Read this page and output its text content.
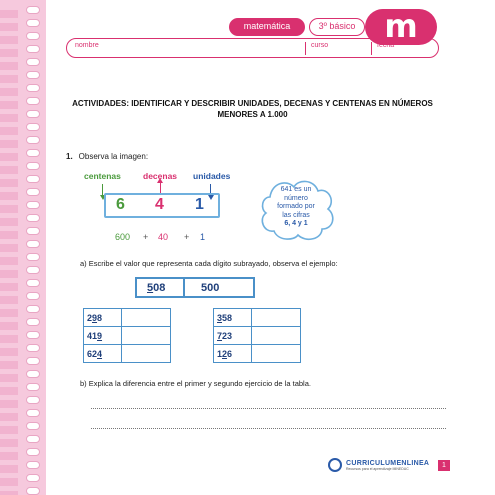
matemática	3º básico m
nombre	curso	fecha
ACTIVIDADES: IDENTIFICAR Y DESCRIBIR UNIDADES, DECENAS Y CENTENAS EN NÚMEROS MENORES A 1.000
1. Observa la imagen:
centenas	decenas unidades
6 4 1
600 + 40 + 1
641 es un
número
formado por
las cifras
6, 4 y 1
a) Escribe el valor que representa cada dígito subrayado, observa el ejemplo:
508	500
298	
419	
624	
358	
723	
126	
b) Explica la diferencia entre el primer y segundo ejercicio de la tabla.
CURRICULUMENLINEA
Recursos para el aprendizaje MINEDUC	1
